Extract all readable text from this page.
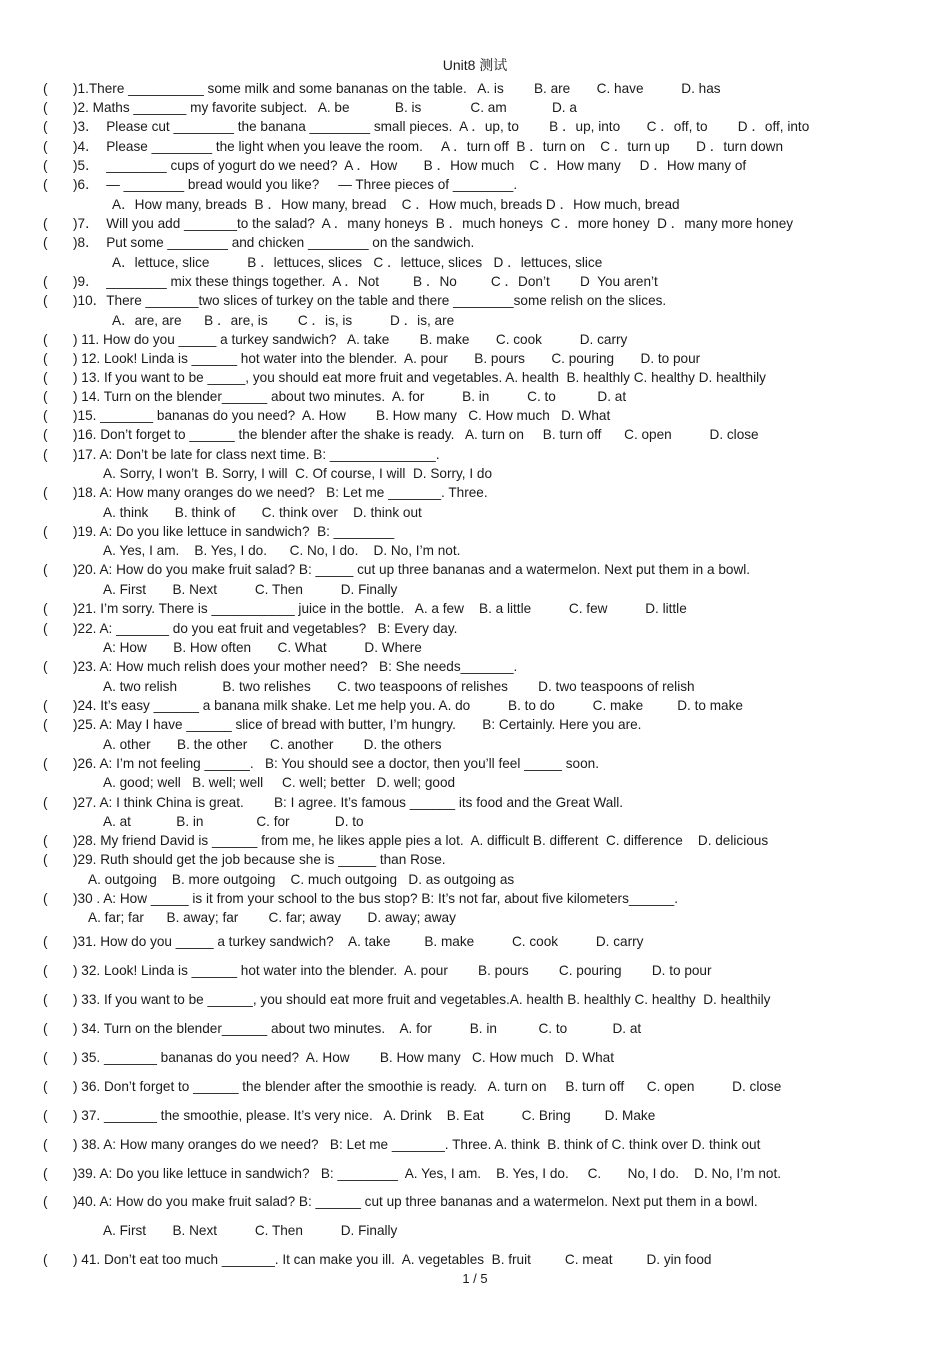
Unit8 测试
( )1.There __________ some milk and some bananas on the table.   A. is        B. are       C. have          D. has
( )2. Maths _______ my favorite subject.   A. be            B. is             C. am            D. a
( )3．  Please cut ________ the banana ________ small pieces.  A ．up, to        B ．up, into       C ．off, to        D ．off, into
( )4．  Please ________ the light when you leave the room.     A ．turn off  B ．turn on    C ．turn up       D ．turn down
( )5．  ________ cups of yogurt do we need?  A ．How       B ．How much    C ．How many     D ．How many of
( )6．  — ________ bread would you like?     — Three pieces of ________.
A．How many, breads  B ．How many, bread    C ．How much, breads D ．How much, bread
( )7．  Will you add _______to the salad?  A ．many honeys  B ．much honeys  C ．more honey  D ．many more honey
( )8．  Put some ________ and chicken ________ on the sandwich.
A．lettuce, slice          B ．lettuces, slices   C ．lettuce, slices   D ．lettuces, slice
( )9．  ________ mix these things together.  A ．Not         B ．No         C ．Don’t        D  You aren’t
( )10．There _______two slices of turkey on the table and there ________some relish on the slices.
A．are, are      B ．are, is        C ．is, is          D ．is, are
( ) 11. How do you _____ a turkey sandwich?   A. take        B. make       C. cook          D. carry
( ) 12. Look! Linda is ______ hot water into the blender.  A. pour       B. pours       C. pouring       D. to pour
( ) 13. If you want to be _____, you should eat more fruit and vegetables. A. health  B. healthly C. healthy D. healthily
( ) 14. Turn on the blender______ about two minutes.  A. for          B. in          C. to           D. at
( )15. _______ bananas do you need?  A. How        B. How many   C. How much   D. What
( )16. Don’t forget to ______ the blender after the shake is ready.   A. turn on     B. turn off      C. open          D. close
( )17. A: Don’t be late for class next time. B: ______________.
A. Sorry, I won’t  B. Sorry, I will  C. Of course, I will  D. Sorry, I do
( )18. A: How many oranges do we need?   B: Let me _______. Three.
A. think       B. think of       C. think over    D. think out
( )19. A: Do you like lettuce in sandwich?  B: ________
A. Yes, I am.    B. Yes, I do.      C. No, I do.    D. No, I’m not.
( )20. A: How do you make fruit salad? B: _____ cut up three bananas and a watermelon. Next put them in a bowl.
A. First       B. Next          C. Then          D. Finally
( )21. I’m sorry. There is ___________ juice in the bottle.   A. a few    B. a little          C. few          D. little
( )22. A: _______ do you eat fruit and vegetables?   B: Every day.
A: How       B. How often       C. What          D. Where
( )23. A: How much relish does your mother need?   B: She needs_______.
A. two relish            B. two relishes       C. two teaspoons of relishes        D. two teaspoons of relish
( )24. It’s easy ______ a banana milk shake. Let me help you. A. do          B. to do          C. make         D. to make
( )25. A: May I have ______ slice of bread with butter, I’m hungry.       B: Certainly. Here you are.
A. other       B. the other      C. another        D. the others
( )26. A: I’m not feeling ______.   B: You should see a doctor, then you’ll feel _____ soon.
A. good; well   B. well; well     C. well; better   D. well; good
( )27. A: I think China is great.        B: I agree. It’s famous ______ its food and the Great Wall.
A. at            B. in              C. for            D. to
( )28. My friend David is ______ from me, he likes apple pies a lot.  A. difficult B. different  C. difference    D. delicious
( )29. Ruth should get the job because she is _____ than Rose.
A. outgoing    B. more outgoing    C. much outgoing   D. as outgoing as
( )30 . A: How _____ is it from your school to the bus stop? B: It’s not far, about five kilometers______.
A. far; far      B. away; far        C. far; away       D. away; away
( )31. How do you _____ a turkey sandwich?    A. take         B. make          C. cook          D. carry
( ) 32. Look! Linda is ______ hot water into the blender.  A. pour        B. pours        C. pouring        D. to pour
( ) 33. If you want to be ______, you should eat more fruit and vegetables.A. health B. healthly C. healthy  D. healthily
( ) 34. Turn on the blender______ about two minutes.    A. for          B. in           C. to            D. at
( ) 35. _______ bananas do you need?  A. How        B. How many   C. How much   D. What
( ) 36. Don’t forget to ______ the blender after the smoothie is ready.   A. turn on     B. turn off      C. open          D. close
( ) 37. _______ the smoothie, please. It’s very nice.   A. Drink    B. Eat          C. Bring         D. Make
( ) 38. A: How many oranges do we need?   B: Let me _______. Three. A. think  B. think of C. think over D. think out
( )39. A: Do you like lettuce in sandwich?   B: ________  A. Yes, I am.    B. Yes, I do.     C.       No, I do.    D. No, I’m not.
( )40. A: How do you make fruit salad? B: ______ cut up three bananas and a watermelon. Next put them in a bowl.
A. First       B. Next          C. Then          D. Finally
( ) 41. Don’t eat too much _______. It can make you ill.  A. vegetables  B. fruit         C. meat         D. yin food
1 / 5
